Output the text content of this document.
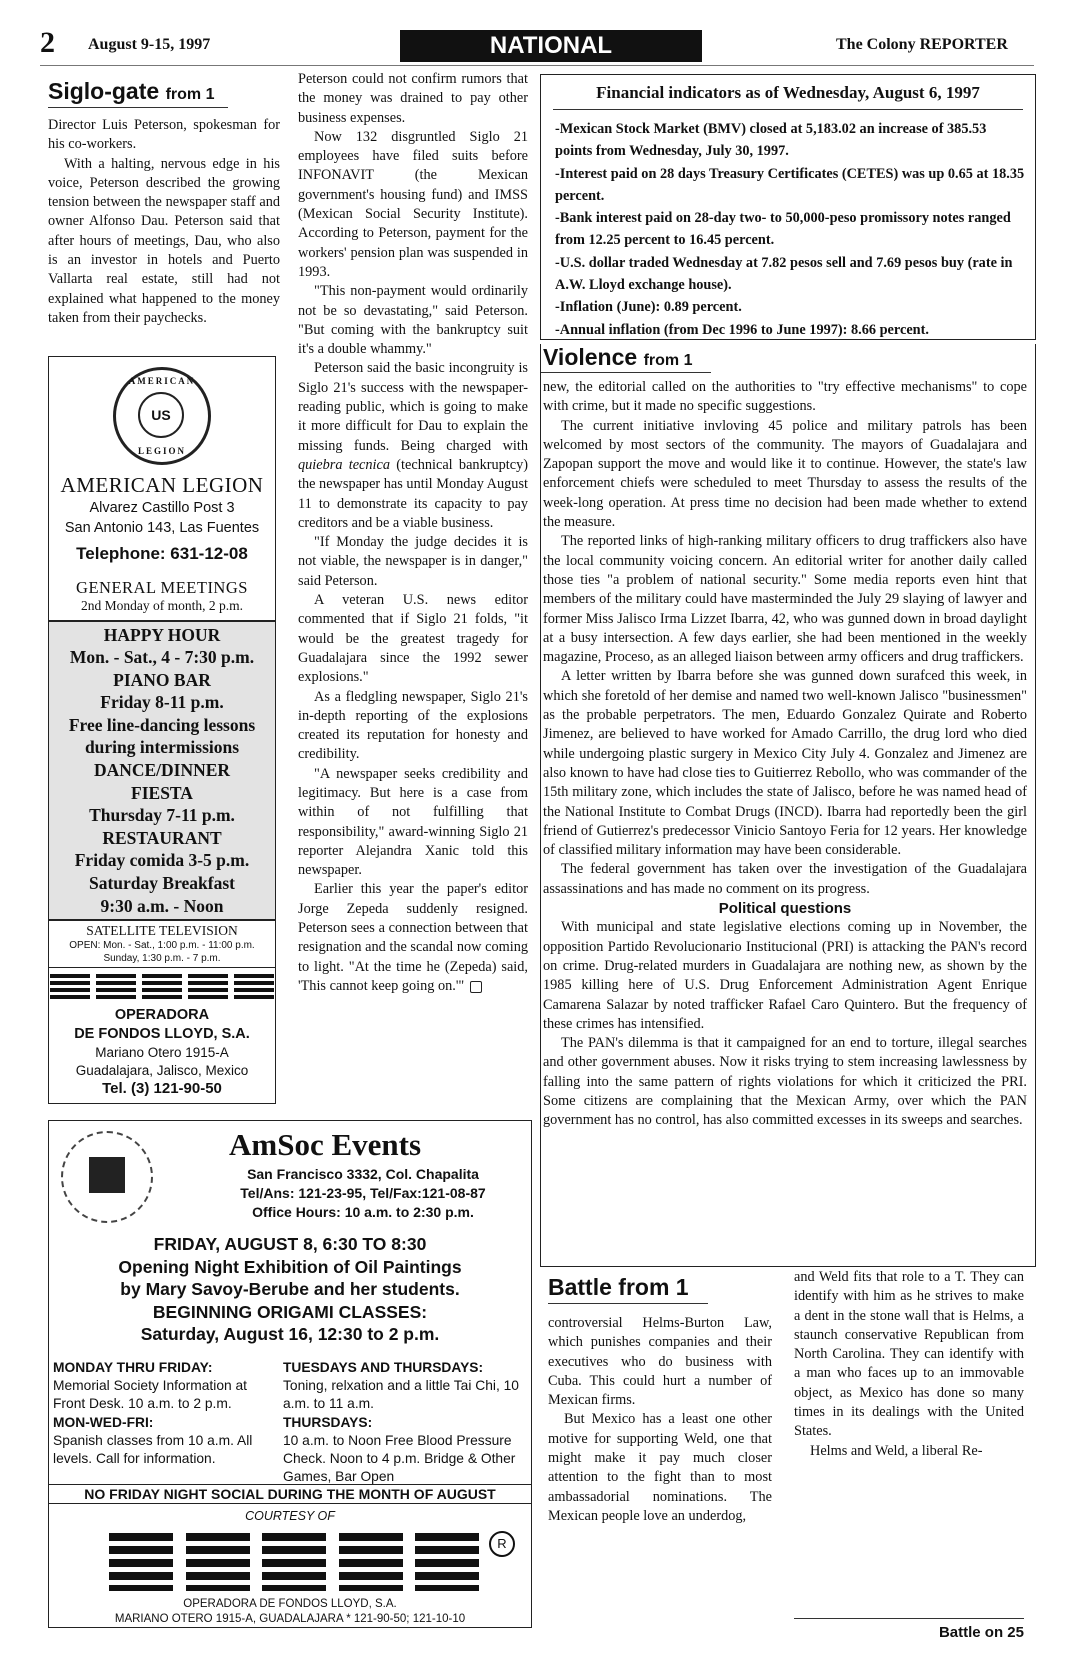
2 August 9-15, 1997	NATIONAL	The Colony REPORTER
Siglo-gate from 1

Director Luis Peterson, spokesman for his co-workers.

With a halting, nervous edge in his voice, Peterson described the growing tension between the newspaper staff and owner Alfonso Dau. Peterson said that after hours of meetings, Dau, who also is an investor in hotels and Puerto Vallarta real estate, still had not explained what happened to the money taken from their paychecks.

AMERICAN
US
LEGION
AMERICAN LEGION
Alvarez Castillo Post 3
San Antonio 143, Las Fuentes
Telephone: 631-12-08
GENERAL MEETINGS
2nd Monday of month, 2 p.m.
HAPPY HOUR
Mon. - Sat., 4 - 7:30 p.m.
PIANO BAR
Friday 8-11 p.m.
Free line-dancing lessons
during intermissions
DANCE/DINNER
FIESTA
Thursday 7-11 p.m.
RESTAURANT
Friday comida 3-5 p.m.
Saturday Breakfast
9:30 a.m. - Noon
SATELLITE TELEVISION
OPEN: Mon. - Sat., 1:00 p.m. - 11:00 p.m.
Sunday, 1:30 p.m. - 7 p.m.
OPERADORA
DE FONDOS LLOYD, S.A.
Mariano Otero 1915-A
Guadalajara, Jalisco, Mexico
Tel. (3) 121-90-50

Peterson could not confirm rumors that the money was drained to pay other business expenses.

Now 132 disgruntled Siglo 21 employees have filed suits before INFONAVIT (the Mexican government's housing fund) and IMSS (Mexican Social Security Institute). According to Peterson, payment for the workers' pension plan was suspended in 1993.

"This non-payment would ordinarily not be so devastating," said Peterson. "But coming with the bankruptcy suit it's a double whammy."

Peterson said the basic incongruity is Siglo 21's success with the newspaper-reading public, which is going to make it more difficult for Dau to explain the missing funds. Being charged with quiebra tecnica (technical bankruptcy) the newspaper has until Monday August 11 to demonstrate its capacity to pay creditors and be a viable business.

"If Monday the judge decides it is not viable, the newspaper is in danger," said Peterson.

A veteran U.S. news editor commented that if Siglo 21 folds, "it would be the greatest tragedy for Guadalajara since the 1992 sewer explosions."

As a fledgling newspaper, Siglo 21's in-depth reporting of the explosions created its reputation for honesty and credibility.

"A newspaper seeks credibility and legitimacy. But here is a case from within of not fulfilling that responsibility," award-winning Siglo 21 reporter Alejandra Xanic told this newspaper.

Earlier this year the paper's editor Jorge Zepeda suddenly resigned. Peterson sees a connection between that resignation and the scandal now coming to light. "At the time he (Zepeda) said, 'This cannot keep going on.'"

AmSoc Events
San Francisco 3332, Col. Chapalita
Tel/Ans: 121-23-95, Tel/Fax:121-08-87
Office Hours: 10 a.m. to 2:30 p.m.
FRIDAY, AUGUST 8, 6:30 TO 8:30
Opening Night Exhibition of Oil Paintings
by Mary Savoy-Berube and her students.
BEGINNING ORIGAMI CLASSES:
Saturday, August 16, 12:30 to 2 p.m.
MONDAY THRU FRIDAY:
Memorial Society Information at Front Desk. 10 a.m. to 2 p.m.
MON-WED-FRI:
Spanish classes from 10 a.m. All levels. Call for information.
TUESDAYS AND THURSDAYS:
Toning, relxation and a little Tai Chi, 10 a.m. to 11 a.m.
THURSDAYS:
10 a.m. to Noon Free Blood Pressure Check. Noon to 4 p.m. Bridge & Other Games, Bar Open
NO FRIDAY NIGHT SOCIAL DURING THE MONTH OF AUGUST
COURTESY OF
R
OPERADORA DE FONDOS LLOYD, S.A.
MARIANO OTERO 1915-A, GUADALAJARA * 121-90-50; 121-10-10
Financial indicators as of Wednesday, August 6, 1997

-Mexican Stock Market (BMV) closed at 5,183.02 an increase of 385.53 points from Wednesday, July 30, 1997.

-Interest paid on 28 days Treasury Certificates (CETES) was up 0.65 at 18.35 percent.

-Bank interest paid on 28-day two- to 50,000-peso promissory notes ranged from 12.25 percent to 16.45 percent.

-U.S. dollar traded Wednesday at 7.82 pesos sell and 7.69 pesos buy (rate in A.W. Lloyd exchange house).

-Inflation (June): 0.89 percent.

-Annual inflation (from Dec 1996 to June 1997): 8.66 percent.

Violence from 1

new, the editorial called on the authorities to "try effective mechanisms" to cope with crime, but it made no specific suggestions.

The current initiative invloving 45 police and military patrols has been welcomed by most sectors of the community. The mayors of Guadalajara and Zapopan support the move and would like it to continue. However, the state's law enforcement chiefs were scheduled to meet Thursday to assess the results of the week-long operation. At press time no decision had been made whether to extend the measure.

The reported links of high-ranking military officers to drug traffickers also have the local community voicing concern. An editorial writer for another daily called those ties "a problem of national security." Some media reports even hint that members of the military could have masterminded the July 29 slaying of lawyer and former Miss Jalisco Irma Lizzet Ibarra, 42, who was gunned down in broad daylight at a busy intersection. A few days earlier, she had been mentioned in the weekly magazine, Proceso, as an alleged liaison between army officers and drug traffickers.

A letter written by Ibarra before she was gunned down surafced this week, in which she foretold of her demise and named two well-known Jalisco "businessmen" as the probable perpetrators. The men, Eduardo Gonzalez Quirate and Roberto Jimenez, are believed to have worked for Amado Carrillo, the drug lord who died while undergoing plastic surgery in Mexico City July 4. Gonzalez and Jimenez are also known to have had close ties to Guitierrez Rebollo, who was commander of the 15th military zone, which includes the state of Jalisco, before he was named head of the National Institute to Combat Drugs (INCD). Ibarra had reportedly been the girl friend of Gutierrez's predecessor Vinicio Santoyo Feria for 12 years. Her knowledge of classified military information may have been considerable.

The federal government has taken over the investigation of the Guadalajara assassinations and has made no comment on its progress.

Political questions

With municipal and state legislative elections coming up in November, the opposition Partido Revolucionario Institucional (PRI) is attacking the PAN's record on crime. Drug-related murders in Guadalajara are nothing new, as shown by the 1985 killing here of U.S. Drug Enforcement Administration Agent Enrique Camarena Salazar by noted trafficker Rafael Caro Quintero. But the frequency of these crimes has intensified.

The PAN's dilemma is that it campaigned for an end to torture, illegal searches and other government abuses. Now it risks trying to stem increasing lawlessness by falling into the same pattern of rights violations for which it criticized the PRI. Some citizens are complaining that the Mexican Army, over which the PAN government has no control, has also committed excesses in its sweeps and searches.

Battle from 1

controversial Helms-Burton Law, which punishes companies and their executives who do business with Cuba. This could hurt a number of Mexican firms.

But Mexico has a least one other motive for supporting Weld, one that might make it pay much closer attention to the fight than to most ambassadorial nominations. The Mexican people love an underdog,

and Weld fits that role to a T. They can identify with him as he strives to make a dent in the stone wall that is Helms, a staunch conservative Republican from North Carolina. They can identify with a man who faces up to an immovable object, as Mexico has done so many times in its dealings with the United States.

Helms and Weld, a liberal Re-

Battle on 25
